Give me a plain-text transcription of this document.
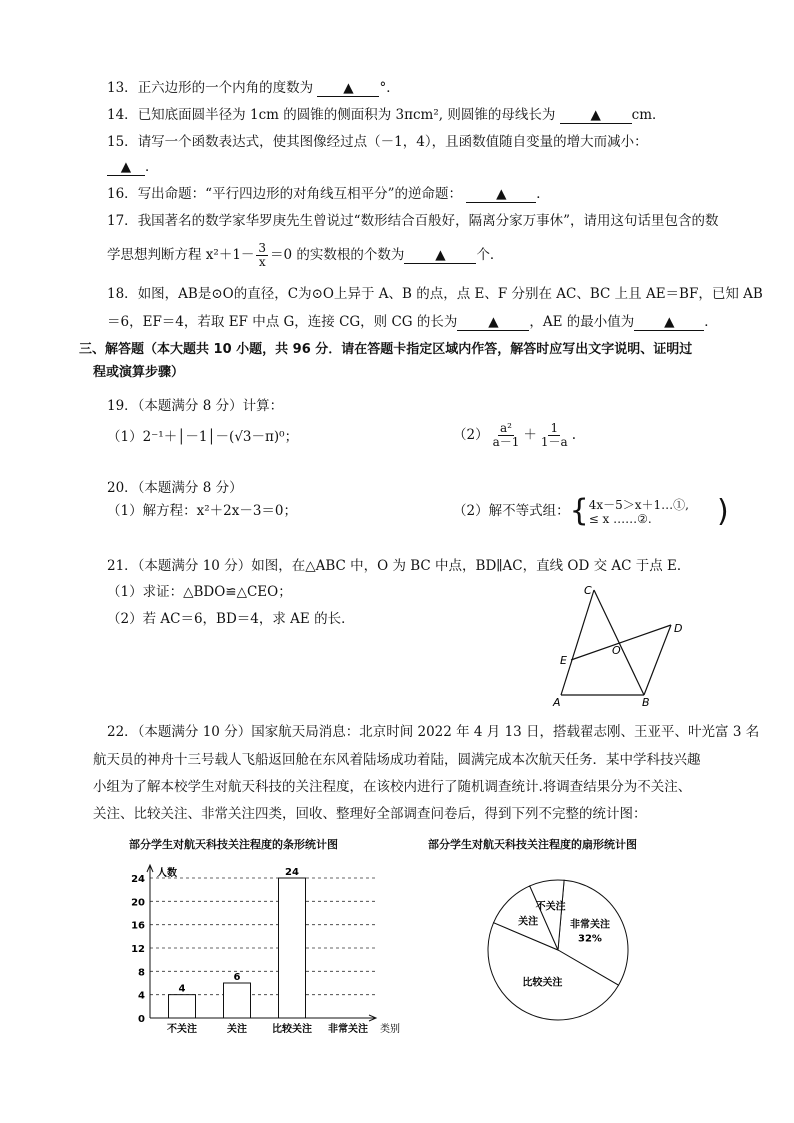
13．正六边形的一个内角的度数为 ▲ °．
14．已知底面圆半径为 1cm 的圆锥的侧面积为 3πcm², 则圆锥的母线长为	▲ cm．
15．请写一个函数表达式，使其图像经过点（－1，4），且函数值随自变量的增大而减小：
▲ ．
16．写出命题：“平行四边形的对角线互相平分”的逆命题：	▲ ．
17．我国著名的数学家华罗庚先生曾说过“数形结合百般好，隔离分家万事休”，请用这句话里包含的数
学思想判断方程 $x^2+1- \frac{3}{x} =0$ 的实数根的个数为 ▲ 个．
18．如图，AB是⊙O的直径，C为⊙O上异于 A、B 的点，点 E、F 分别在 AC、BC 上且 AE＝BF，已知 AB
＝6，EF＝4，若取 EF 中点 G，连接 CG，则 CG 的长为 ▲ ，AE 的最小值为 ▲ ．
三、解答题（本大题共 10 小题，共 96 分．请在答题卡指定区域内作答，解答时应写出文字说明、证明过
程或演算步骤）
19．（本题满分 8 分）计算：
（1）2⁻¹＋│－1│－(√3－π)⁰；	$(2) \frac{\text{a²}}{a-1} + \frac{1}{1-a}$ .
20．（本题满分 8 分）
（1）解方程：x²＋2x－3＝0；	（2）解不等式组：{ 4x－5＞x＋1…①,
≤ x ……②.	)
21．（本题满分 10 分）如图，在△ABC 中，O 为 BC 中点，BD∥AC，直线 OD 交 AC 于点 E．
（1）求证：△BDO≌△CEO；
（2）若 AC＝6，BD＝4，求 AE 的长．
C
D
E
O
A	B
22．（本题满分 10 分）国家航天局消息：北京时间 2022 年 4 月 13 日，搭载翟志刚、王亚平、叶光富 3 名
航天员的神舟十三号载人飞船返回舱在东风着陆场成功着陆，圆满完成本次航天任务．某中学科技兴趣
小组为了解本校学生对航天科技的关注程度，在该校内进行了随机调查统计.将调查结果分为不关注、
关注、比较关注、非常关注四类，回收、整理好全部调查问卷后，得到下列不完整的统计图：
部分学生对航天科技关注程度的条形统计图	部分学生对航天科技关注程度的扇形统计图
0
4
8
12
16
20
24
人数
类别
4
不关注
6
关注
24
比较关注 非常关注
非常关注
32%
比较关注
关注
不关注
